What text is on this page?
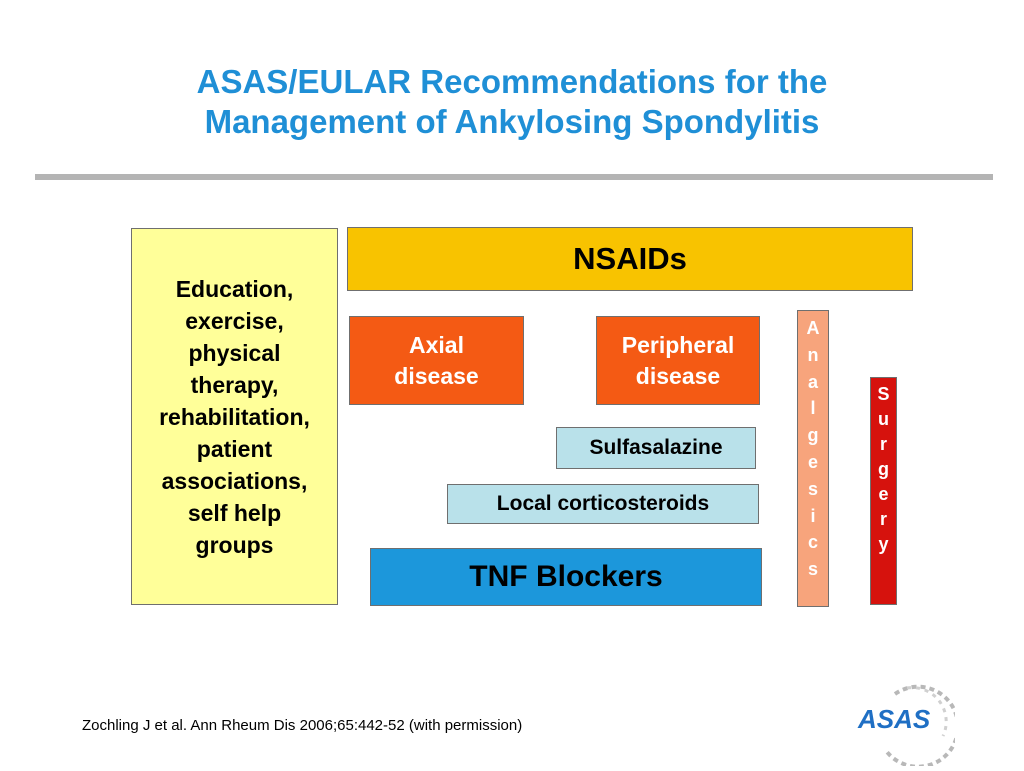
ASAS/EULAR Recommendations for the
Management of Ankylosing Spondylitis
Education,
exercise,
physical
therapy,
rehabilitation,
patient
associations,
self help
groups
NSAIDs
Axial
disease
Peripheral
disease
Sulfasalazine
Local corticosteroids
TNF Blockers
A
n
a
l
g
e
s
i
c
s
S
u
r
g
e
r
y
Zochling J et al. Ann Rheum Dis 2006;65:442-52 (with permission)	ASAS
